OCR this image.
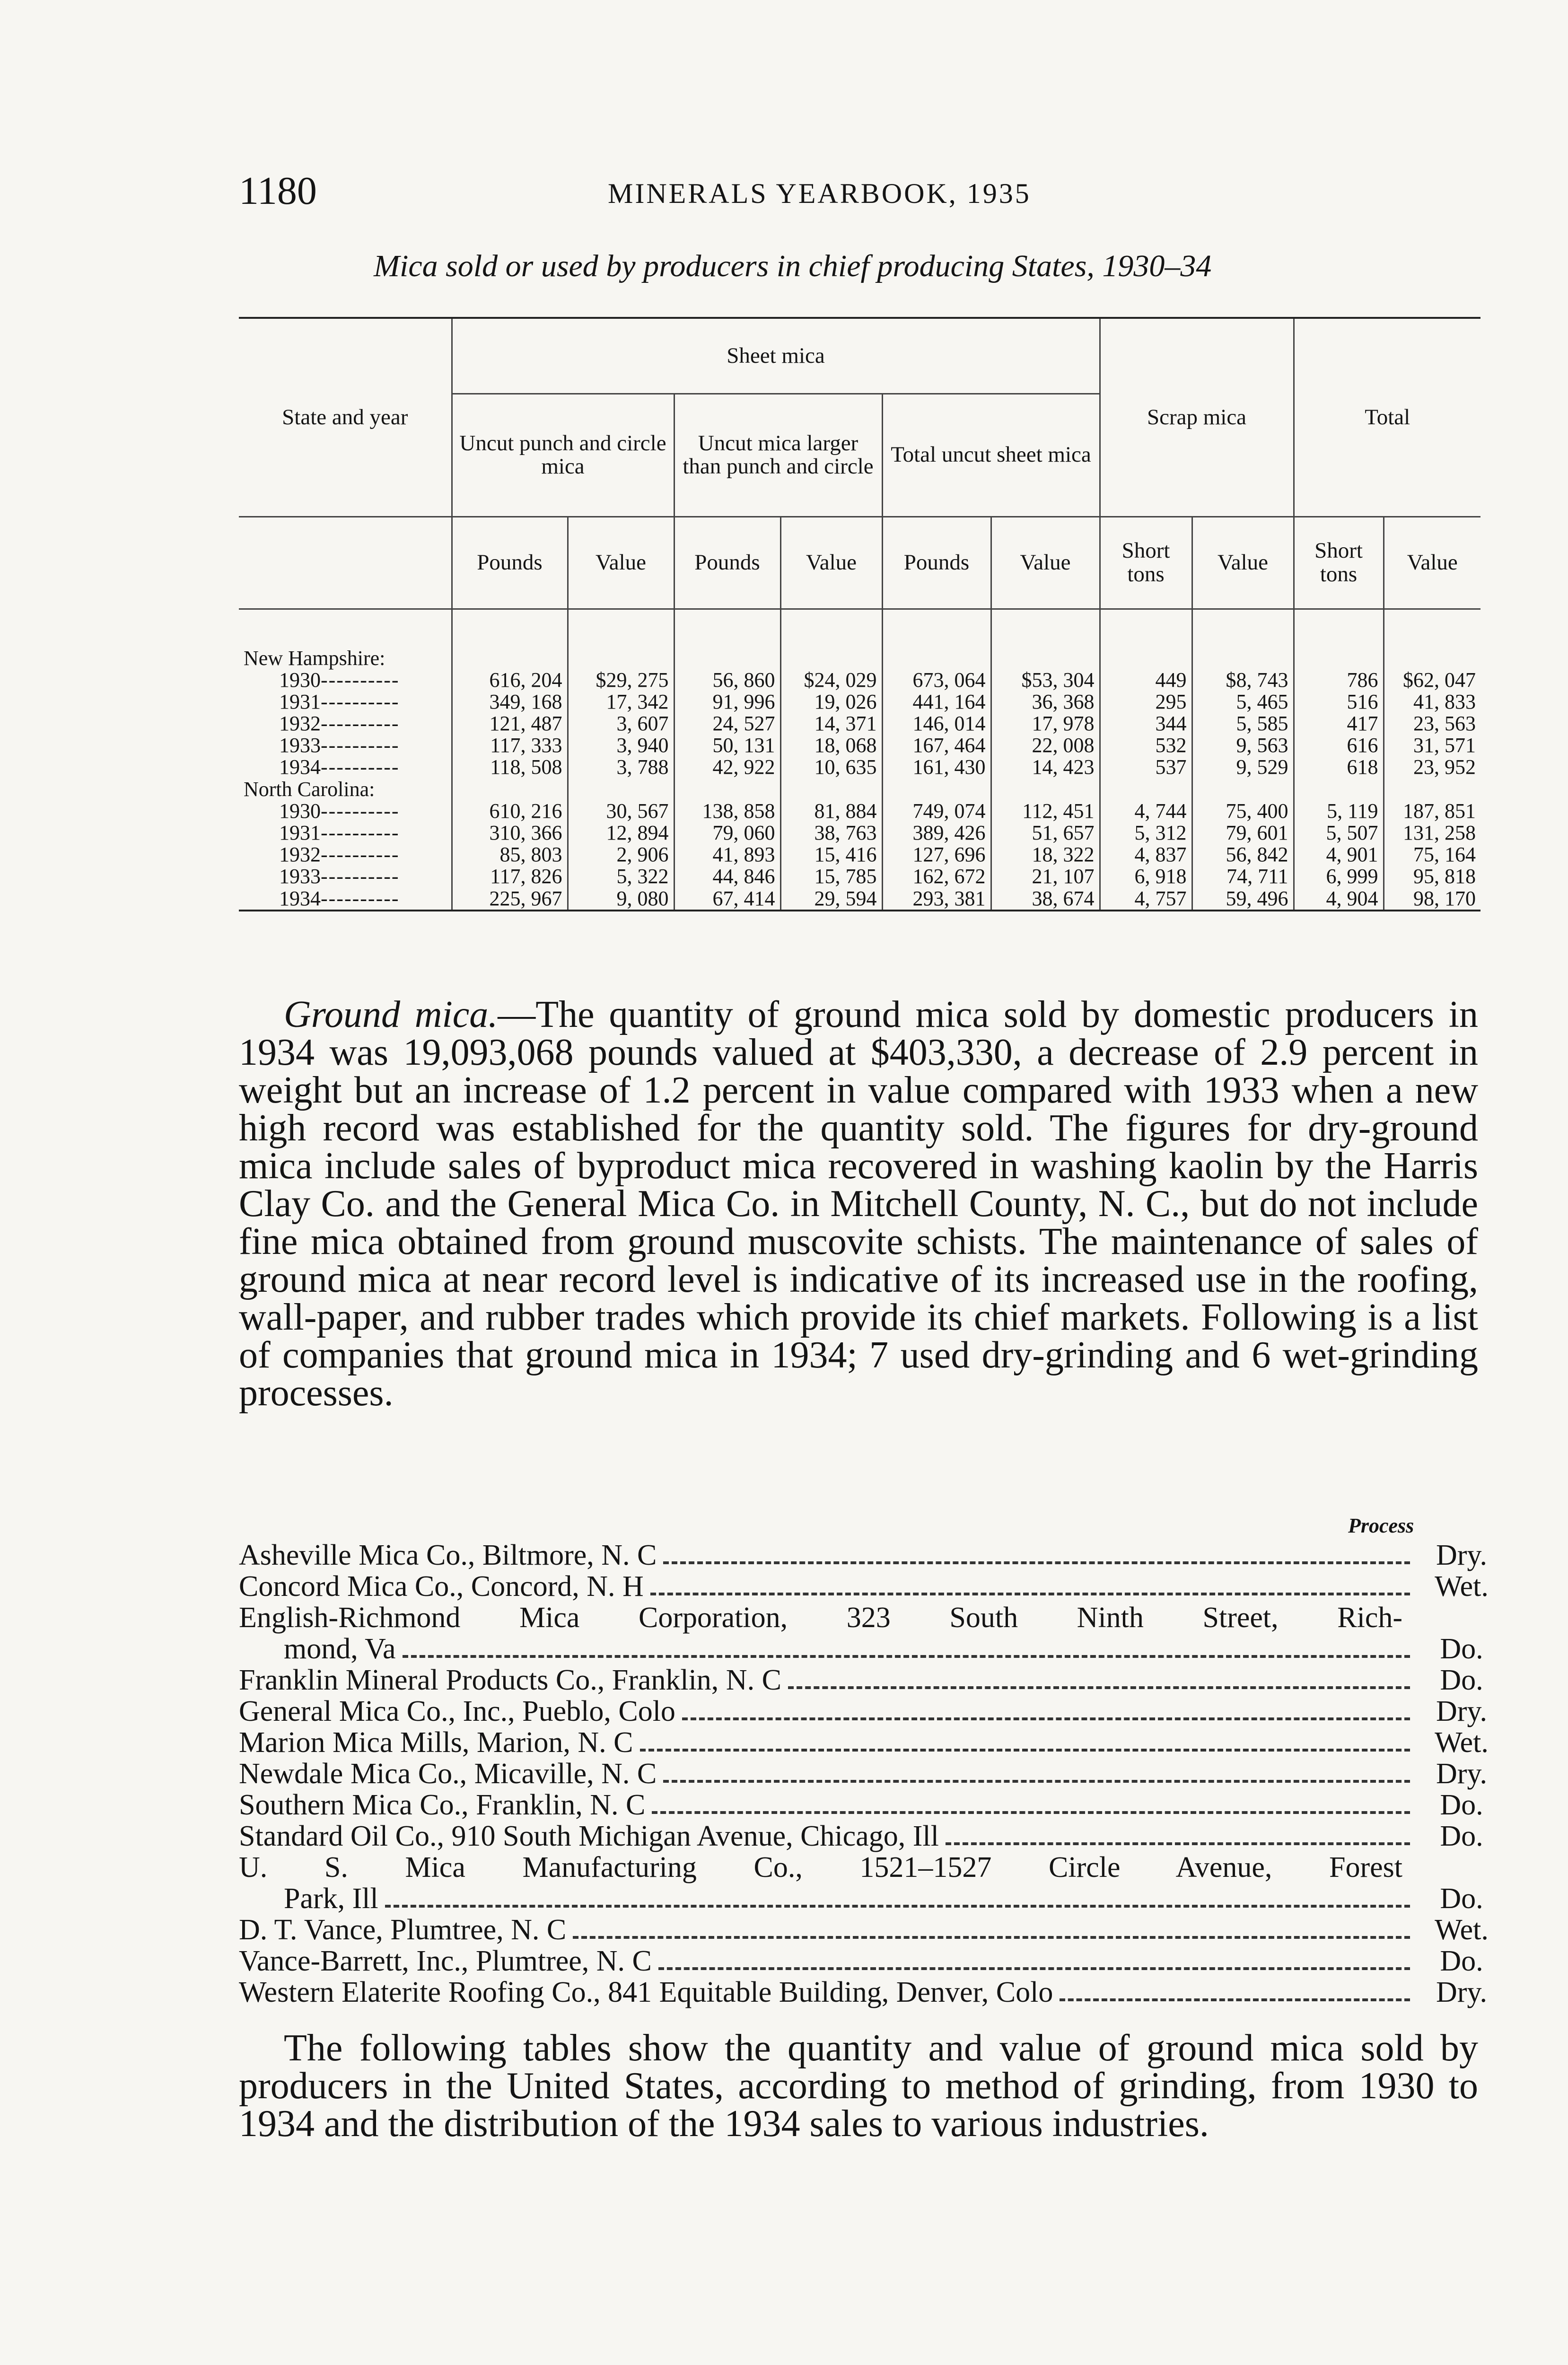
1180	MINERALS YEARBOOK, 1935
Mica sold or used by producers in chief producing States, 1930–34
State and year	Sheet mica						Scrap mica		Total	
	Uncut punch and circle mica		Uncut mica larger than punch and circle		Total uncut sheet mica					
	Pounds	Value	Pounds	Value	Pounds	Value	Short tons	Value	Short tons	Value
New Hampshire:										
1930----------	616, 204	$29, 275	56, 860	$24, 029	673, 064	$53, 304	449	$8, 743	786	$62, 047
1931----------	349, 168	17, 342	91, 996	19, 026	441, 164	36, 368	295	5, 465	516	41, 833
1932----------	121, 487	3, 607	24, 527	14, 371	146, 014	17, 978	344	5, 585	417	23, 563
1933----------	117, 333	3, 940	50, 131	18, 068	167, 464	22, 008	532	9, 563	616	31, 571
1934----------	118, 508	3, 788	42, 922	10, 635	161, 430	14, 423	537	9, 529	618	23, 952
North Carolina:										
1930----------	610, 216	30, 567	138, 858	81, 884	749, 074	112, 451	4, 744	75, 400	5, 119	187, 851
1931----------	310, 366	12, 894	79, 060	38, 763	389, 426	51, 657	5, 312	79, 601	5, 507	131, 258
1932----------	85, 803	2, 906	41, 893	15, 416	127, 696	18, 322	4, 837	56, 842	4, 901	75, 164
1933----------	117, 826	5, 322	44, 846	15, 785	162, 672	21, 107	6, 918	74, 711	6, 999	95, 818
1934----------	225, 967	9, 080	67, 414	29, 594	293, 381	38, 674	4, 757	59, 496	4, 904	98, 170

Ground mica.—The quantity of ground mica sold by domestic producers in 1934 was 19,093,068 pounds valued at $403,330, a decrease of 2.9 percent in weight but an increase of 1.2 percent in value compared with 1933 when a new high record was established for the quantity sold. The figures for dry-ground mica include sales of byproduct mica recovered in washing kaolin by the Harris Clay Co. and the General Mica Co. in Mitchell County, N. C., but do not include fine mica obtained from ground muscovite schists. The maintenance of sales of ground mica at near record level is indicative of its increased use in the roofing, wall-paper, and rubber trades which provide its chief markets. Following is a list of companies that ground mica in 1934; 7 used dry-grinding and 6 wet-grinding processes.
Process
Asheville Mica Co., Biltmore, N. C	Dry.
Concord Mica Co., Concord, N. H	Wet.
English-Richmond Mica Corporation, 323 South Ninth Street, Rich-
mond, Va	Do.
Franklin Mineral Products Co., Franklin, N. C	Do.
General Mica Co., Inc., Pueblo, Colo	Dry.
Marion Mica Mills, Marion, N. C	Wet.
Newdale Mica Co., Micaville, N. C	Dry.
Southern Mica Co., Franklin, N. C	Do.
Standard Oil Co., 910 South Michigan Avenue, Chicago, Ill	Do.
U. S. Mica Manufacturing Co., 1521–1527 Circle Avenue, Forest
Park, Ill	Do.
D. T. Vance, Plumtree, N. C	Wet.
Vance-Barrett, Inc., Plumtree, N. C	Do.
Western Elaterite Roofing Co., 841 Equitable Building, Denver, Colo	Dry.
The following tables show the quantity and value of ground mica sold by producers in the United States, according to method of grinding, from 1930 to 1934 and the distribution of the 1934 sales to various industries.
